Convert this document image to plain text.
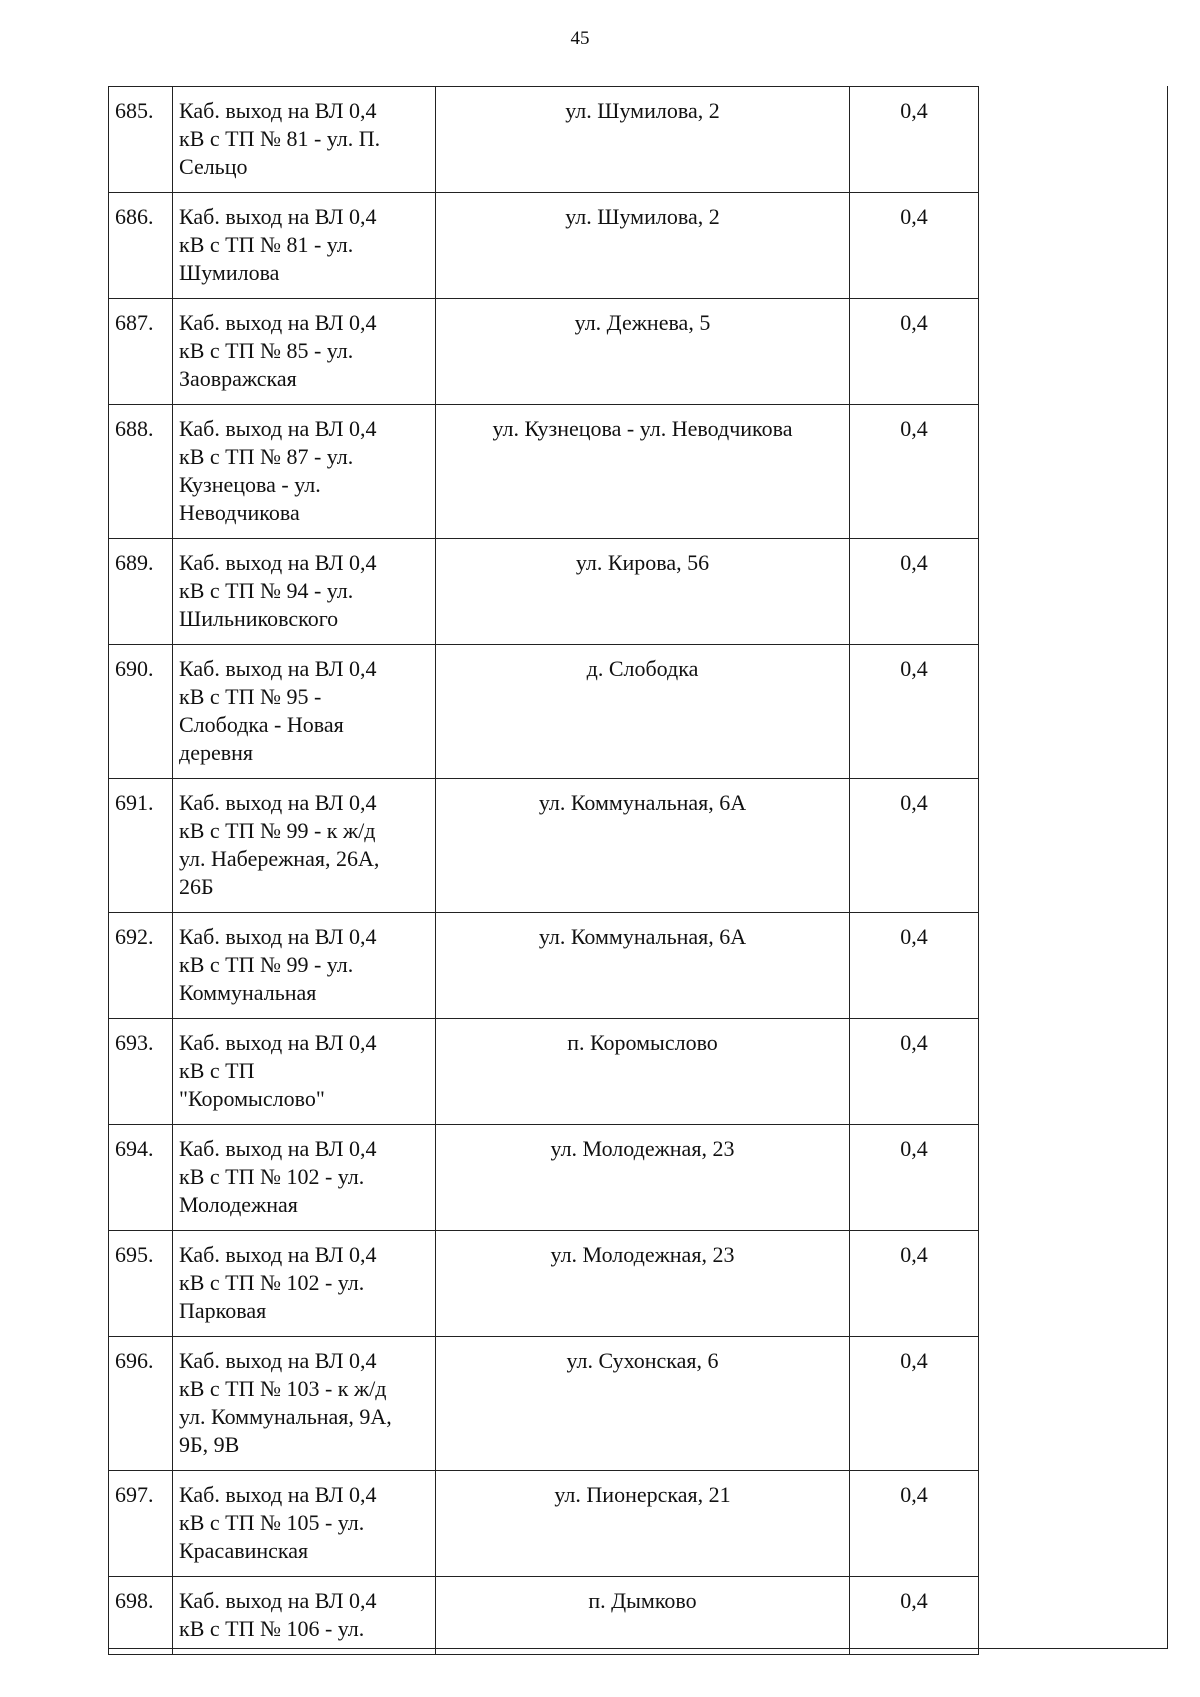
45
685.	Каб. выход на ВЛ 0,4
кВ с ТП № 81 - ул. П.
Сельцо	ул. Шумилова, 2	0,4
686.	Каб. выход на ВЛ 0,4
кВ с ТП № 81 - ул.
Шумилова	ул. Шумилова, 2	0,4
687.	Каб. выход на ВЛ 0,4
кВ с ТП № 85 - ул.
Заовражская	ул. Дежнева, 5	0,4
688.	Каб. выход на ВЛ 0,4
кВ с ТП № 87 - ул.
Кузнецова - ул.
Неводчикова	ул. Кузнецова - ул. Неводчикова	0,4
689.	Каб. выход на ВЛ 0,4
кВ с ТП № 94 - ул.
Шильниковского	ул. Кирова, 56	0,4
690.	Каб. выход на ВЛ 0,4
кВ с ТП № 95 -
Слободка - Новая
деревня	д. Слободка	0,4
691.	Каб. выход на ВЛ 0,4
кВ с ТП № 99 - к ж/д
ул. Набережная, 26А,
26Б	ул. Коммунальная, 6А	0,4
692.	Каб. выход на ВЛ 0,4
кВ с ТП № 99 - ул.
Коммунальная	ул. Коммунальная, 6А	0,4
693.	Каб. выход на ВЛ 0,4
кВ с ТП
"Коромыслово"	п. Коромыслово	0,4
694.	Каб. выход на ВЛ 0,4
кВ с ТП № 102 - ул.
Молодежная	ул. Молодежная, 23	0,4
695.	Каб. выход на ВЛ 0,4
кВ с ТП № 102 - ул.
Парковая	ул. Молодежная, 23	0,4
696.	Каб. выход на ВЛ 0,4
кВ с ТП № 103 - к ж/д
ул. Коммунальная, 9А,
9Б, 9В	ул. Сухонская, 6	0,4
697.	Каб. выход на ВЛ 0,4
кВ с ТП № 105 - ул.
Красавинская	ул. Пионерская, 21	0,4
698.	Каб. выход на ВЛ 0,4
кВ с ТП № 106 - ул.	п. Дымково	0,4
